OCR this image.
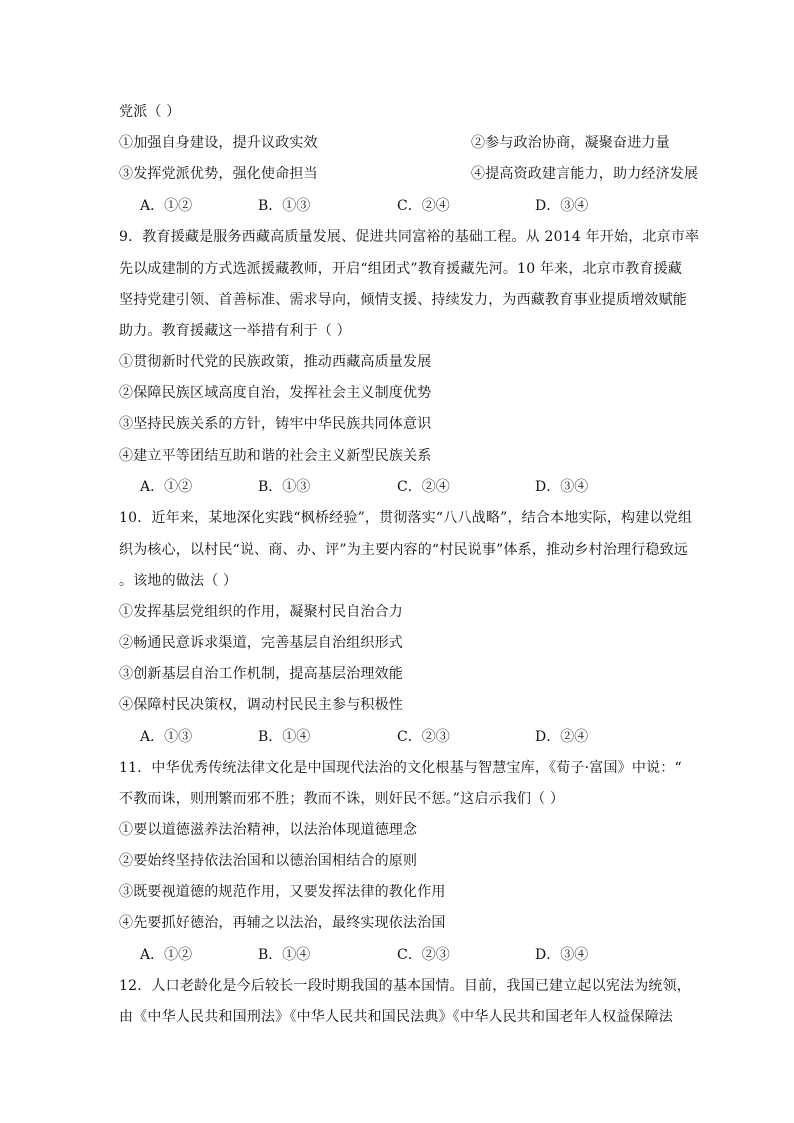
党派（ ）
①加强自身建设，提升议政实效	②参与政治协商，凝聚奋进力量
③发挥党派优势，强化使命担当	④提高资政建言能力，助力经济发展
A．①②	B．①③	C．②④	D．③④
9．教育援藏是服务西藏高质量发展、促进共同富裕的基础工程。从 2014 年开始，北京市率
先以成建制的方式选派援藏教师，开启“组团式”教育援藏先河。10 年来，北京市教育援藏
坚持党建引领、首善标准、需求导向，倾情支援、持续发力，为西藏教育事业提质增效赋能
助力。教育援藏这一举措有利于（ ）
①贯彻新时代党的民族政策，推动西藏高质量发展
②保障民族区域高度自治，发挥社会主义制度优势
③坚持民族关系的方针，铸牢中华民族共同体意识
④建立平等团结互助和谐的社会主义新型民族关系
A．①②	B．①③	C．②④	D．③④
10．近年来，某地深化实践“枫桥经验”，贯彻落实“八八战略”，结合本地实际，构建以党组
织为核心，以村民“说、商、办、评”为主要内容的“村民说事”体系，推动乡村治理行稳致远
。该地的做法（ ）
①发挥基层党组织的作用，凝聚村民自治合力
②畅通民意诉求渠道，完善基层自治组织形式
③创新基层自治工作机制，提高基层治理效能
④保障村民决策权，调动村民民主参与积极性
A．①③	B．①④	C．②③	D．②④
11．中华优秀传统法律文化是中国现代法治的文化根基与智慧宝库，《荀子·富国》中说：“
不教而诛，则刑繁而邪不胜；教而不诛，则奸民不惩。”这启示我们（ ）
①要以道德滋养法治精神，以法治体现道德理念
②要始终坚持依法治国和以德治国相结合的原则
③既要视道德的规范作用，又要发挥法律的教化作用
④先要抓好德治，再辅之以法治，最终实现依法治国
A．①②	B．①④	C．②③	D．③④
12．人口老龄化是今后较长一段时期我国的基本国情。目前，我国已建立起以宪法为统领，
由《中华人民共和国刑法》《中华人民共和国民法典》《中华人民共和国老年人权益保障法
